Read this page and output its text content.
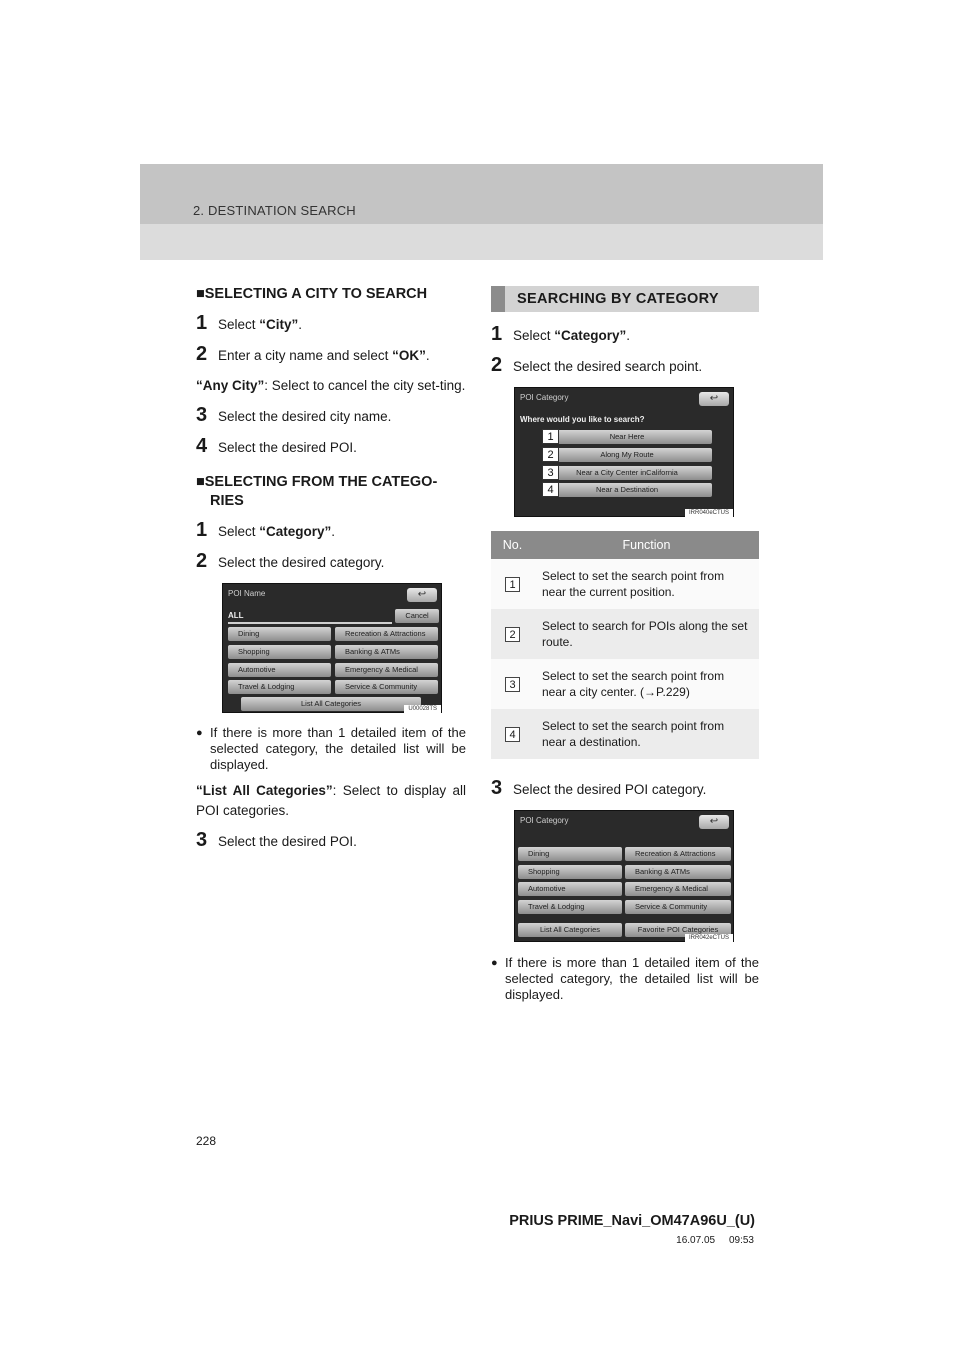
2. DESTINATION SEARCH
■SELECTING A CITY TO SEARCH
1 Select “City”.
2 Enter a city name and select “OK”.
“Any City”: Select to cancel the city set-ting.
3 Select the desired city name.
4 Select the desired POI.
■SELECTING FROM THE CATEGO-RIES
1 Select “Category”.
2 Select the desired category.
POI Name	↩
ALL	Cancel
Dining	Recreation & Attractions
Shopping	Banking & ATMs
Automotive	Emergency & Medical
Travel & Lodging	Service & Community
List All Categories
U00028TS
● If there is more than 1 detailed item of the selected category, the detailed list will be displayed.
“List All Categories”: Select to display all POI categories.
3 Select the desired POI.
SEARCHING BY CATEGORY
1 Select “Category”.
2 Select the desired search point.
POI Category	↩
Where would you like to search?
Near Here
Along My Route
Near a City Center inCalifornia
Near a Destination
1
2
3
4
IRR040eCTUS
No.	Function
1	Select to set the search point from near the current position.
2	Select to search for POIs along the set route.
3	Select to set the search point from near a city center. (→P.229)
4	Select to set the search point from near a destination.
3 Select the desired POI category.
POI Category	↩
Dining	Recreation & Attractions
Shopping	Banking & ATMs
Automotive	Emergency & Medical
Travel & Lodging	Service & Community
List All Categories	Favorite POI Categories
IRR042eCTUS
● If there is more than 1 detailed item of the selected category, the detailed list will be displayed.
228
PRIUS PRIME_Navi_OM47A96U_(U)
16.07.05     09:53
